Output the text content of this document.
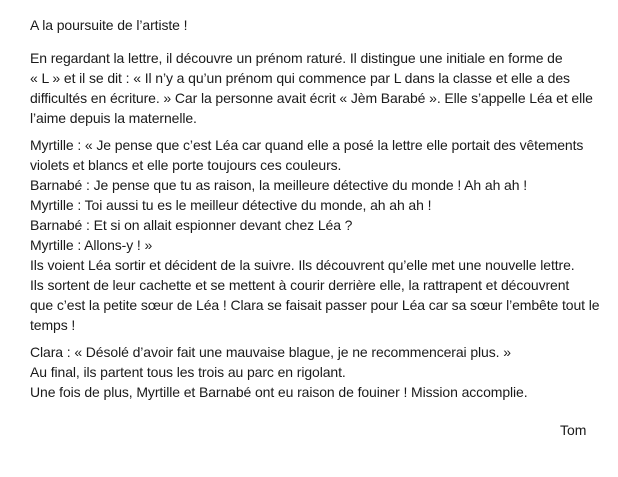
A la poursuite de l’artiste !
En regardant la lettre, il découvre un prénom raturé. Il distingue une initiale en forme de
« L » et il se dit : « Il n’y a qu’un prénom qui commence par L dans la classe et elle a des
difficultés en écriture. » Car la personne avait écrit « Jèm Barabé ». Elle s’appelle Léa et elle
l’aime depuis la maternelle.
Myrtille : « Je pense que c’est Léa car quand elle a posé la lettre elle portait des vêtements
violets et blancs et elle porte toujours ces couleurs.
Barnabé : Je pense que tu as raison, la meilleure détective du monde ! Ah ah ah !
Myrtille : Toi aussi tu es le meilleur détective du monde, ah ah ah !
Barnabé : Et si on allait espionner devant chez Léa ?
Myrtille : Allons-y ! »
Ils voient Léa sortir et décident de la suivre. Ils découvrent qu’elle met une nouvelle lettre.
Ils sortent de leur cachette et se mettent à courir derrière elle, la rattrapent et découvrent
que c’est la petite sœur de Léa ! Clara se faisait passer pour Léa car sa sœur l’embête tout le
temps !
Clara : « Désolé d’avoir fait une mauvaise blague, je ne recommencerai plus. »
Au final, ils partent tous les trois au parc en rigolant.
Une fois de plus, Myrtille et Barnabé ont eu raison de fouiner ! Mission accomplie.
Tom
